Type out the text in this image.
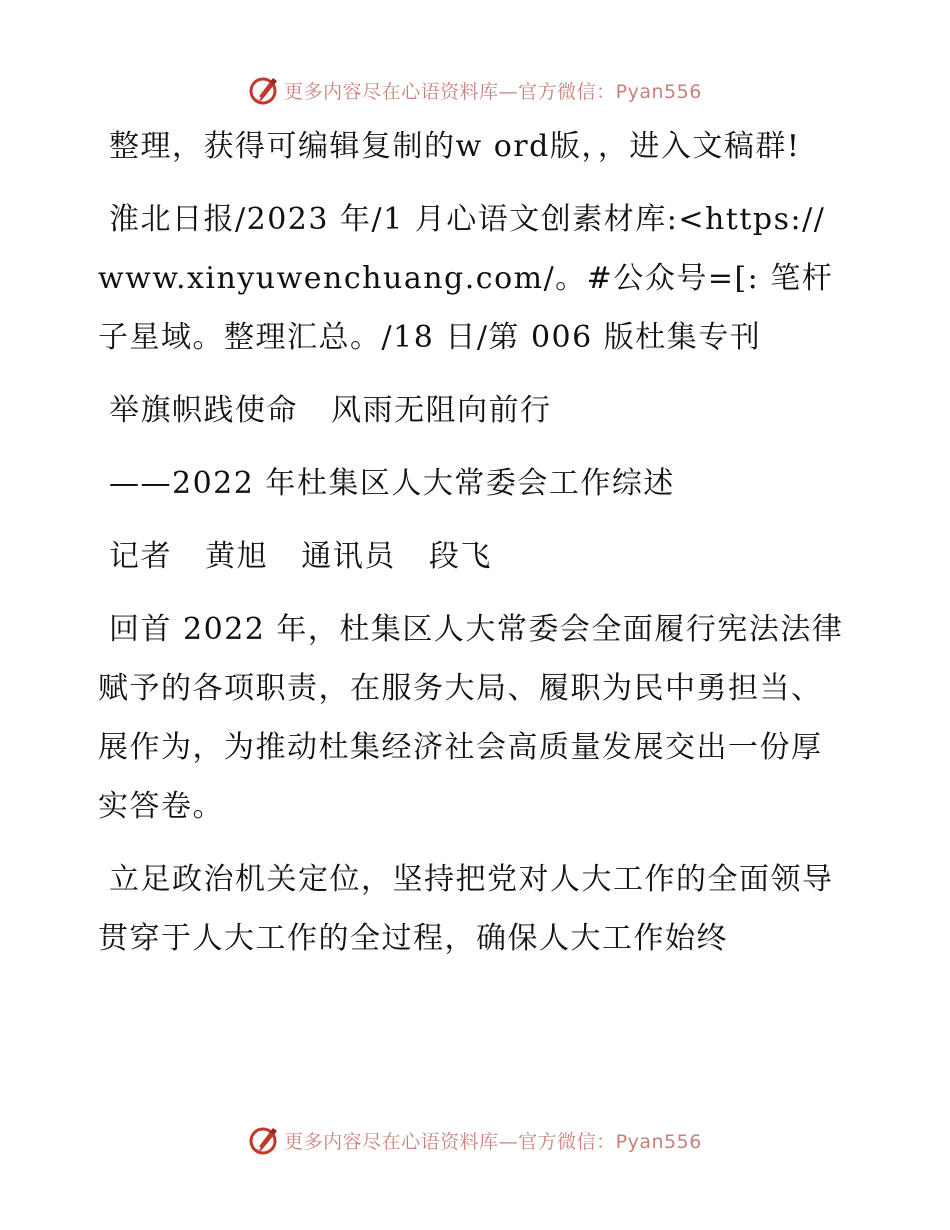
更多内容尽在心语资料库—官方微信：Pyan556

整理，获得可编辑复制的w ord版，，进入文稿群!

淮北日报/2023 年/1 月心语文创素材库:<https://www.xinyuwenchuang.com/。#公众号=[: 笔杆子星域。整理汇总。/18 日/第 006 版杜集专刊

举旗帜践使命   风雨无阻向前行

——2022 年杜集区人大常委会工作综述

记者   黄旭   通讯员   段飞

回首 2022 年，杜集区人大常委会全面履行宪法法律赋予的各项职责，在服务大局、履职为民中勇担当、展作为，为推动杜集经济社会高质量发展交出一份厚实答卷。

立足政治机关定位，坚持把党对人大工作的全面领导贯穿于人大工作的全过程，确保人大工作始终

更多内容尽在心语资料库—官方微信：Pyan556
